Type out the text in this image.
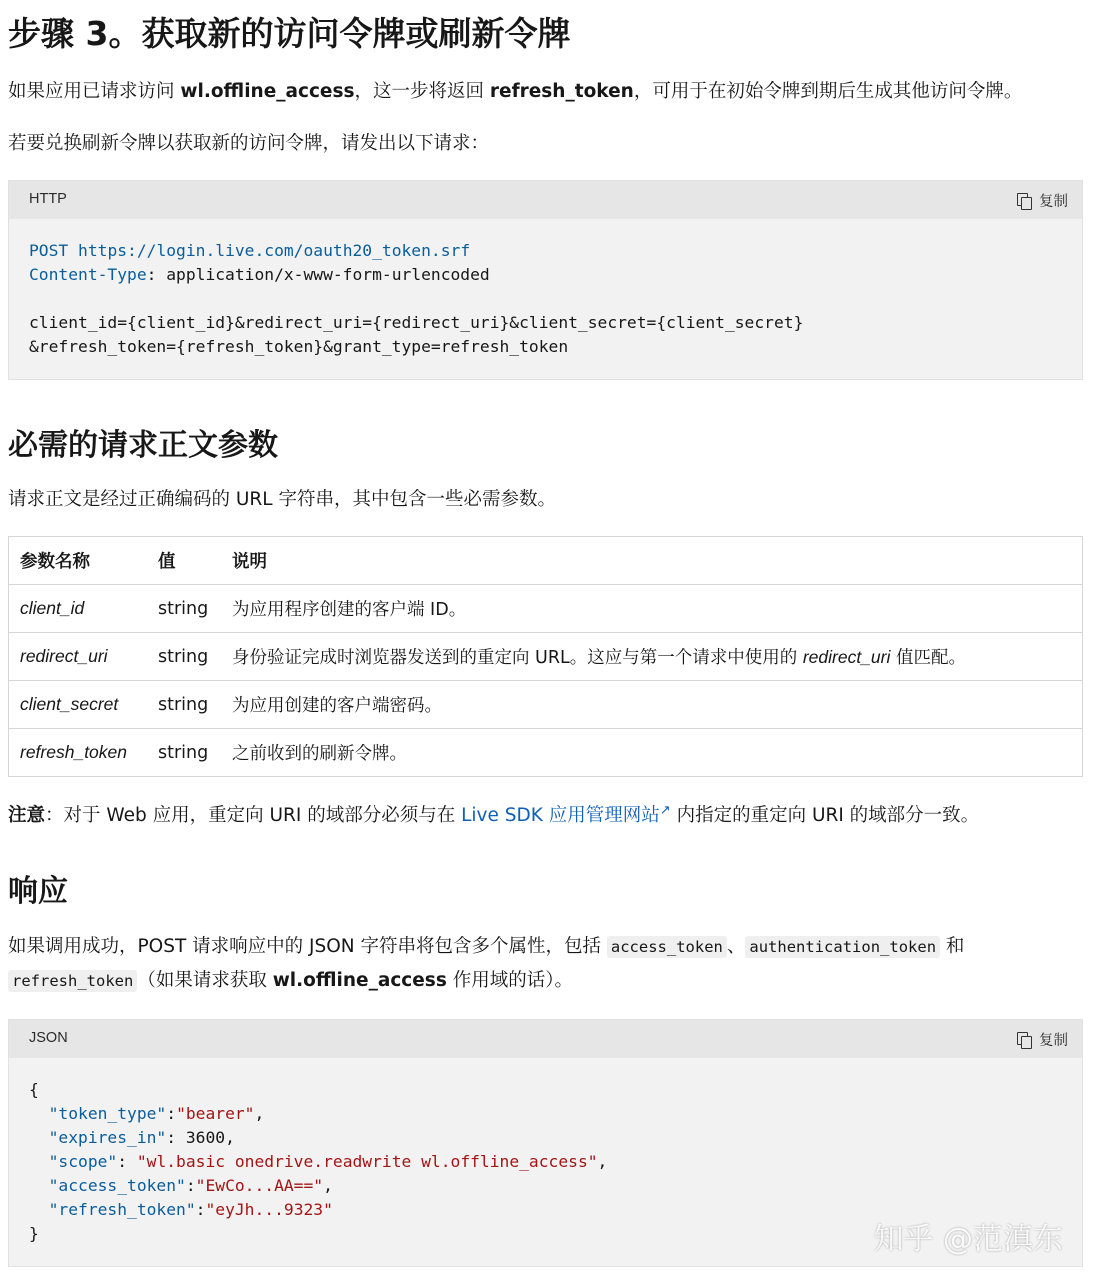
步骤 3。获取新的访问令牌或刷新令牌
如果应用已请求访问 wl.offline_access，这一步将返回 refresh_token，可用于在初始令牌到期后生成其他访问令牌。
若要兑换刷新令牌以获取新的访问令牌，请发出以下请求：
HTTP	复制
POST https://login.live.com/oauth20_token.srf
Content-Type: application/x-www-form-urlencoded

client_id={client_id}&redirect_uri={redirect_uri}&client_secret={client_secret}
&refresh_token={refresh_token}&grant_type=refresh_token
必需的请求正文参数
请求正文是经过正确编码的 URL 字符串，其中包含一些必需参数。
参数名称	值	说明
client_id	string	为应用程序创建的客户端 ID。
redirect_uri	string	身份验证完成时浏览器发送到的重定向 URL。这应与第一个请求中使用的 redirect_uri 值匹配。
client_secret	string	为应用创建的客户端密码。
refresh_token	string	之前收到的刷新令牌。
注意：对于 Web 应用，重定向 URI 的域部分必须与在 Live SDK 应用管理网站↗ 内指定的重定向 URI 的域部分一致。
响应
如果调用成功，POST 请求响应中的 JSON 字符串将包含多个属性，包括 access_token 、 authentication_token 和
refresh_token （如果请求获取 wl.offline_access 作用域的话）。
JSON	复制
{
"token_type":"bearer",
"expires_in": 3600,
"scope": "wl.basic onedrive.readwrite wl.offline_access",
"access_token":"EwCo...AA==",
"refresh_token":"eyJh...9323"
}	知乎 @范滇东
